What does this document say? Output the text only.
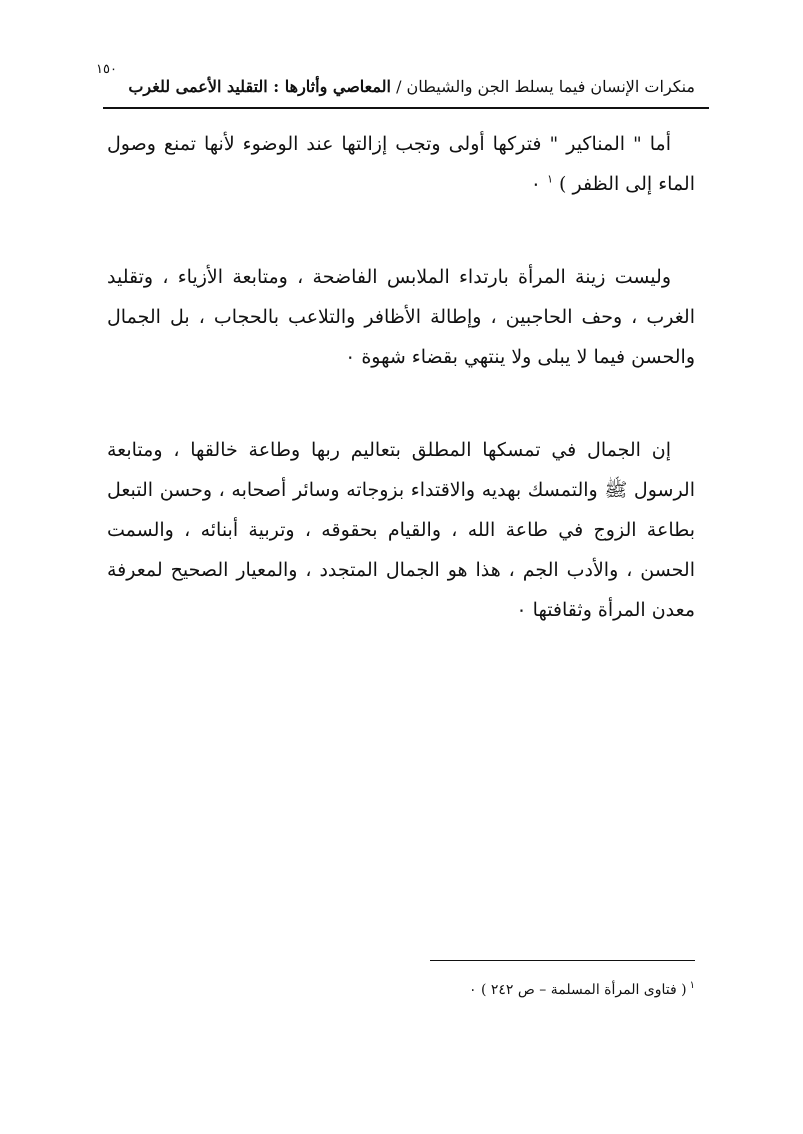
١٥٠
منكرات الإنسان فيما يسلط الجن والشيطان / المعاصي وأثارها : التقليد الأعمى للغرب

أما " المناكير " فتركها أولى وتجب إزالتها عند الوضوء لأنها تمنع وصول الماء إلى الظفر ) $^١$ ٠

وليست زينة المرأة بارتداء الملابس الفاضحة ، ومتابعة الأزياء ، وتقليد الغرب ، وحف الحاجبين ، وإطالة الأظافر والتلاعب بالحجاب ، بل الجمال والحسن فيما لا يبلى ولا ينتهي بقضاء شهوة ٠

إن الجمال في تمسكها المطلق بتعاليم ربها وطاعة خالقها ، ومتابعة الرسول ﷺ والتمسك بهديه والاقتداء بزوجاته وسائر أصحابه ، وحسن التبعل بطاعة الزوج في طاعة الله ، والقيام بحقوقه ، وتربية أبنائه ، والسمت الحسن ، والأدب الجم ، هذا هو الجمال المتجدد ، والمعيار الصحيح لمعرفة معدن المرأة وثقافتها ٠

$^١$( فتاوى المرأة المسلمة – ص ٢٤٢ ) ٠
